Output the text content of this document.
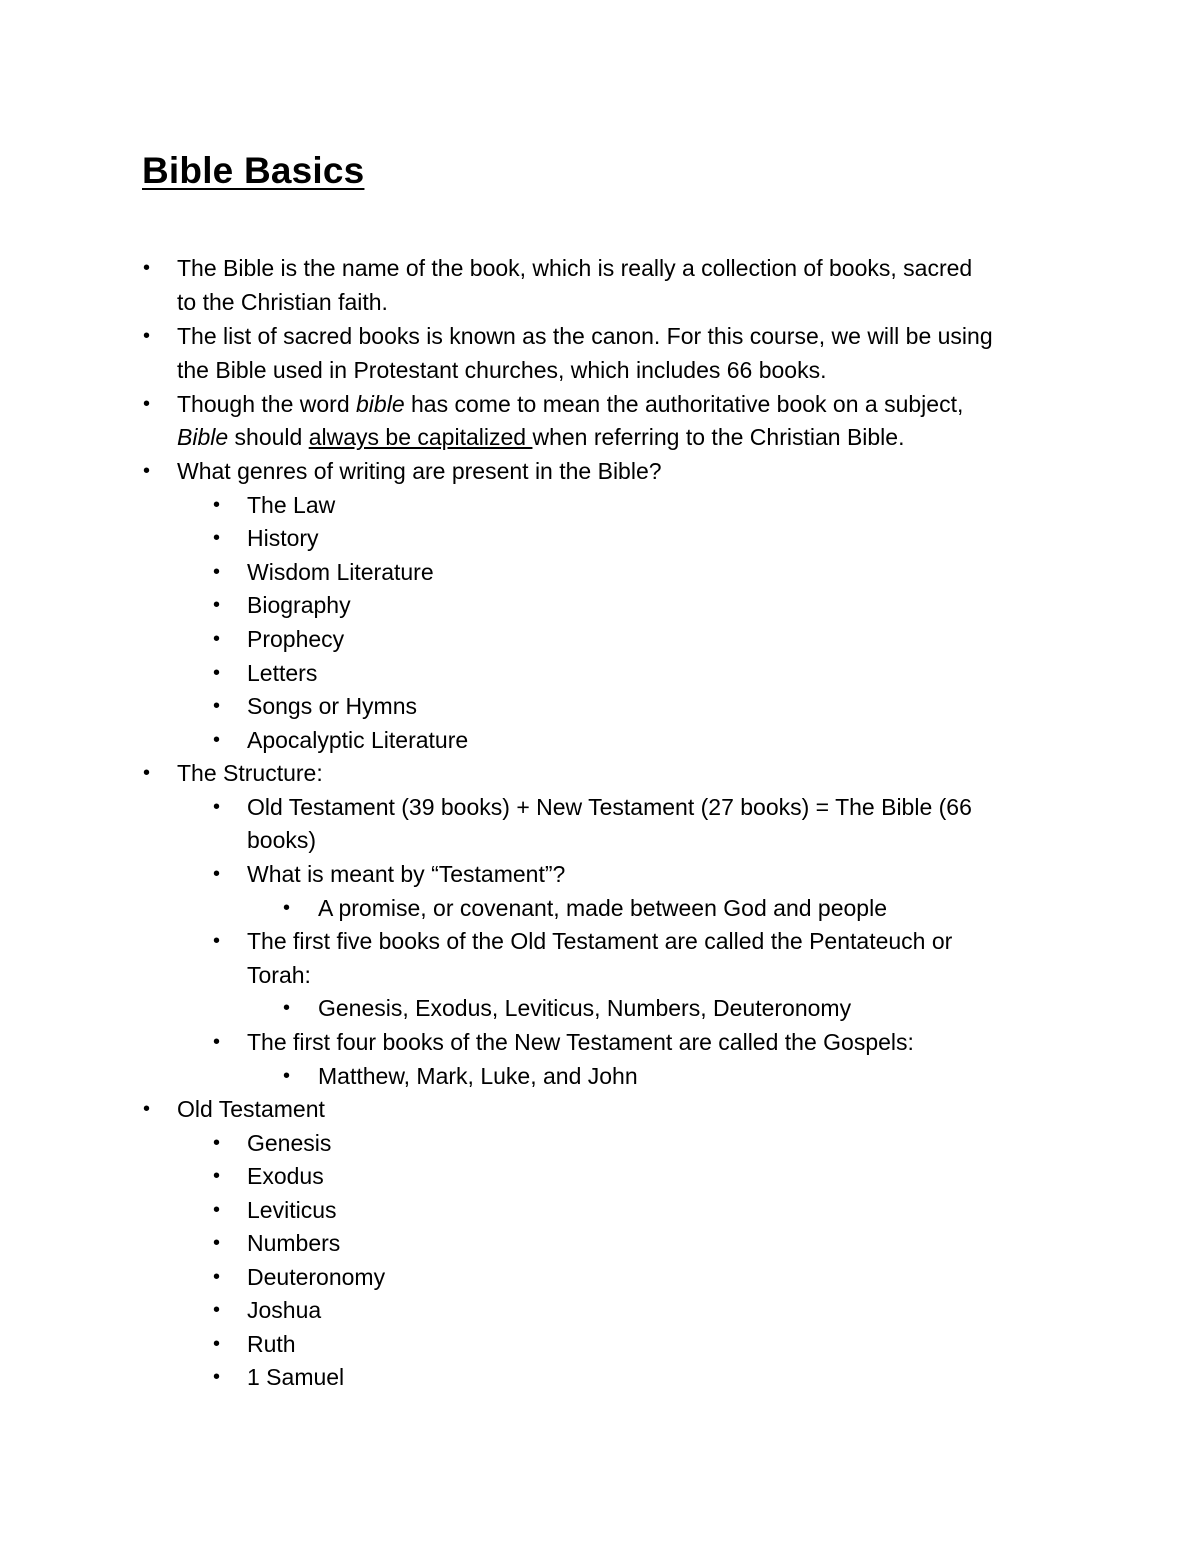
Bible Basics
• The Bible is the name of the book, which is really a collection of books, sacred
to the Christian faith.
• The list of sacred books is known as the canon. For this course, we will be using
the Bible used in Protestant churches, which includes 66 books.
• Though the word bible has come to mean the authoritative book on a subject,
Bible should always be capitalized when referring to the Christian Bible.
• What genres of writing are present in the Bible?
• The Law
• History
• Wisdom Literature
• Biography
• Prophecy
• Letters
• Songs or Hymns
• Apocalyptic Literature
• The Structure:
• Old Testament (39 books) + New Testament (27 books) = The Bible (66
books)
• What is meant by “Testament”?
• A promise, or covenant, made between God and people
• The first five books of the Old Testament are called the Pentateuch or
Torah:
• Genesis, Exodus, Leviticus, Numbers, Deuteronomy
• The first four books of the New Testament are called the Gospels:
• Matthew, Mark, Luke, and John
• Old Testament
• Genesis
• Exodus
• Leviticus
• Numbers
• Deuteronomy
• Joshua
• Ruth
• 1 Samuel
